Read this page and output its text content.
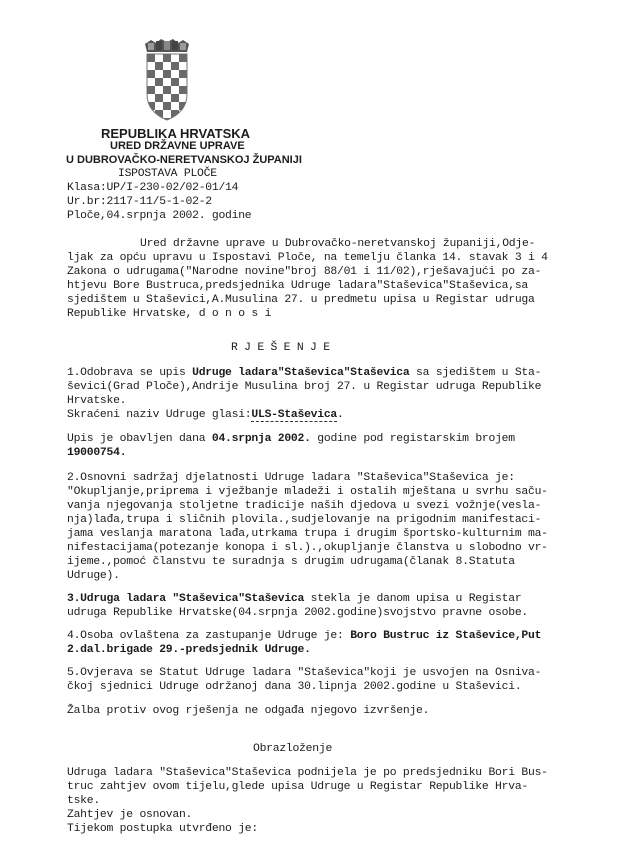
REPUBLIKA HRVATSKA
URED DRŽAVNE UPRAVE
U DUBROVAČKO-NERETVANSKOJ ŽUPANIJI
ISPOSTAVA PLOČE
Klasa:UP/I-230-02/02-01/14
Ur.br:2117-11/5-1-02-2
Ploče,04.srpnja 2002. godine
Ured državne uprave u Dubrovačko-neretvanskoj županiji,Odje-
ljak za opću upravu u Ispostavi Ploče, na temelju članka 14. stavak 3 i 4
Zakona o udrugama("Narodne novine"broj 88/01 i 11/02),rješavajući po za-
htjevu Bore Bustruca,predsjednika Udruge ladara"Staševica"Staševica,sa
sjedištem u Staševici,A.Musulina 27. u predmetu upisa u Registar udruga
Republike Hrvatske, d o n o s i
R J E Š E N J E
1.Odobrava se upis Udruge ladara"Staševica"Staševica sa sjedištem u Sta-
ševici(Grad Ploče),Andrije Musulina broj 27. u Registar udruga Republike
Hrvatske.
Skraćeni naziv Udruge glasi:ULS-Staševica.
Upis je obavljen dana 04.srpnja 2002. godine pod registarskim brojem
19000754.
2.Osnovni sadržaj djelatnosti Udruge ladara "Staševica"Staševica je:
"Okupljanje,priprema i vježbanje mladeži i ostalih mještana u svrhu saču-
vanja njegovanja stoljetne tradicije naših djedova u svezi vožnje(vesla-
nja)lađa,trupa i sličnih plovila.,sudjelovanje na prigodnim manifestaci-
jama veslanja maratona lađa,utrkama trupa i drugim športsko-kulturnim ma-
nifestacijama(potezanje konopa i sl.).,okupljanje članstva u slobodno vr-
ijeme.,pomoć članstvu te suradnja s drugim udrugama(članak 8.Statuta
Udruge).
3.Udruga ladara "Staševica"Staševica stekla je danom upisa u Registar
udruga Republike Hrvatske(04.srpnja 2002.godine)svojstvo pravne osobe.
4.Osoba ovlaštena za zastupanje Udruge je: Boro Bustruc iz Staševice,Put
2.dal.brigade 29.-predsjednik Udruge.
5.Ovjerava se Statut Udruge ladara "Staševica"koji je usvojen na Osniva-
čkoj sjednici Udruge održanoj dana 30.lipnja 2002.godine u Staševici.
Žalba protiv ovog rješenja ne odgađa njegovo izvršenje.
Obrazloženje
Udruga ladara "Staševica"Staševica podnijela je po predsjedniku Bori Bus-
truc zahtjev ovom tijelu,glede upisa Udruge u Registar Republike Hrva-
tske.
Zahtjev je osnovan.
Tijekom postupka utvrđeno je:
